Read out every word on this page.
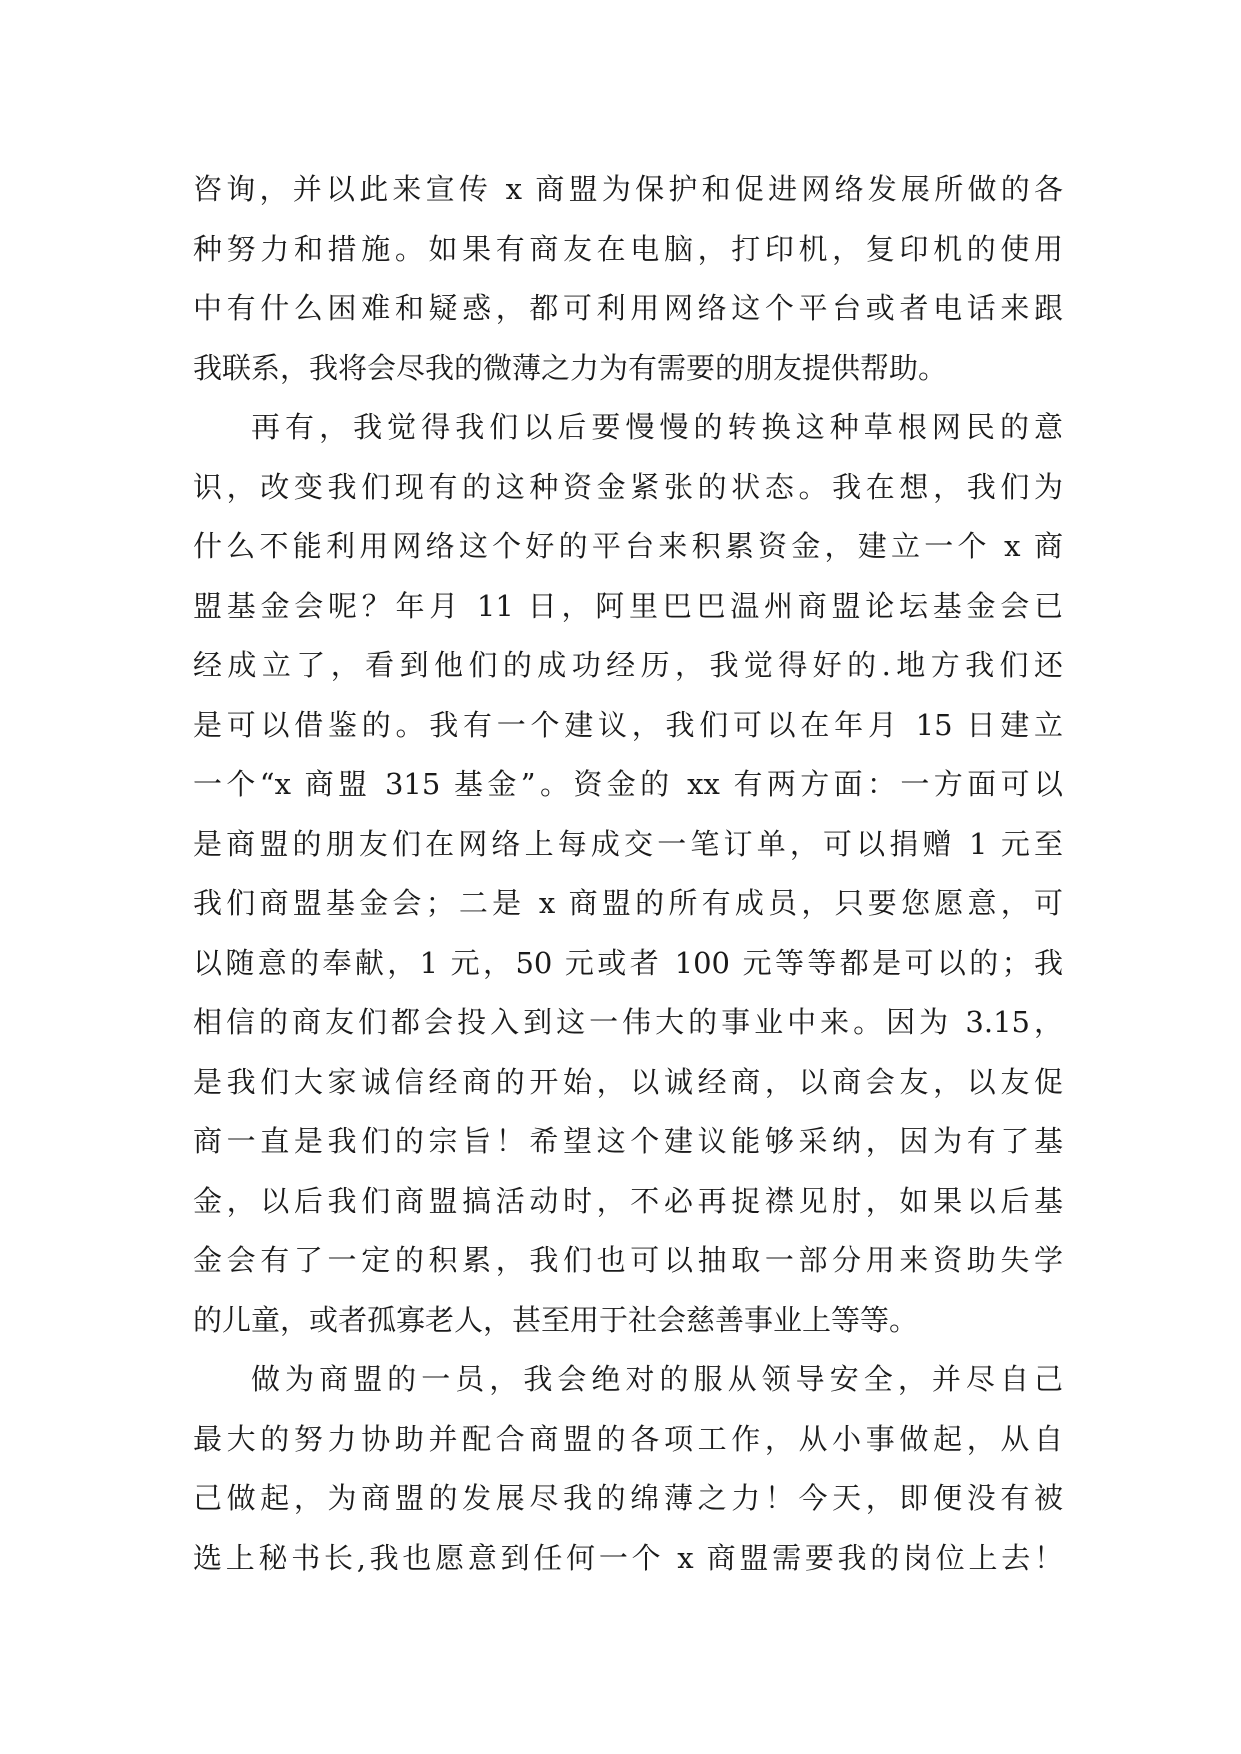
咨询，并以此来宣传 x 商盟为保护和促进网络发展所做的各
种努力和措施。如果有商友在电脑，打印机，复印机的使用
中有什么困难和疑惑，都可利用网络这个平台或者电话来跟
我联系，我将会尽我的微薄之力为有需要的朋友提供帮助。
再有，我觉得我们以后要慢慢的转换这种草根网民的意
识，改变我们现有的这种资金紧张的状态。我在想，我们为
什么不能利用网络这个好的平台来积累资金，建立一个 x 商
盟基金会呢？年月 11 日，阿里巴巴温州商盟论坛基金会已
经成立了，看到他们的成功经历，我觉得好的.地方我们还
是可以借鉴的。我有一个建议，我们可以在年月 15 日建立
一个“x 商盟 315 基金”。资金的 xx 有两方面：一方面可以
是商盟的朋友们在网络上每成交一笔订单，可以捐赠 1 元至
我们商盟基金会；二是 x 商盟的所有成员，只要您愿意，可
以随意的奉献，1 元，50 元或者 100 元等等都是可以的；我
相信的商友们都会投入到这一伟大的事业中来。因为 3.15，
是我们大家诚信经商的开始，以诚经商，以商会友，以友促
商一直是我们的宗旨！希望这个建议能够采纳，因为有了基
金，以后我们商盟搞活动时，不必再捉襟见肘，如果以后基
金会有了一定的积累，我们也可以抽取一部分用来资助失学
的儿童，或者孤寡老人，甚至用于社会慈善事业上等等。
做为商盟的一员，我会绝对的服从领导安全，并尽自己
最大的努力协助并配合商盟的各项工作，从小事做起，从自
己做起，为商盟的发展尽我的绵薄之力！今天，即便没有被
选上秘书长,我也愿意到任何一个 x 商盟需要我的岗位上去！
